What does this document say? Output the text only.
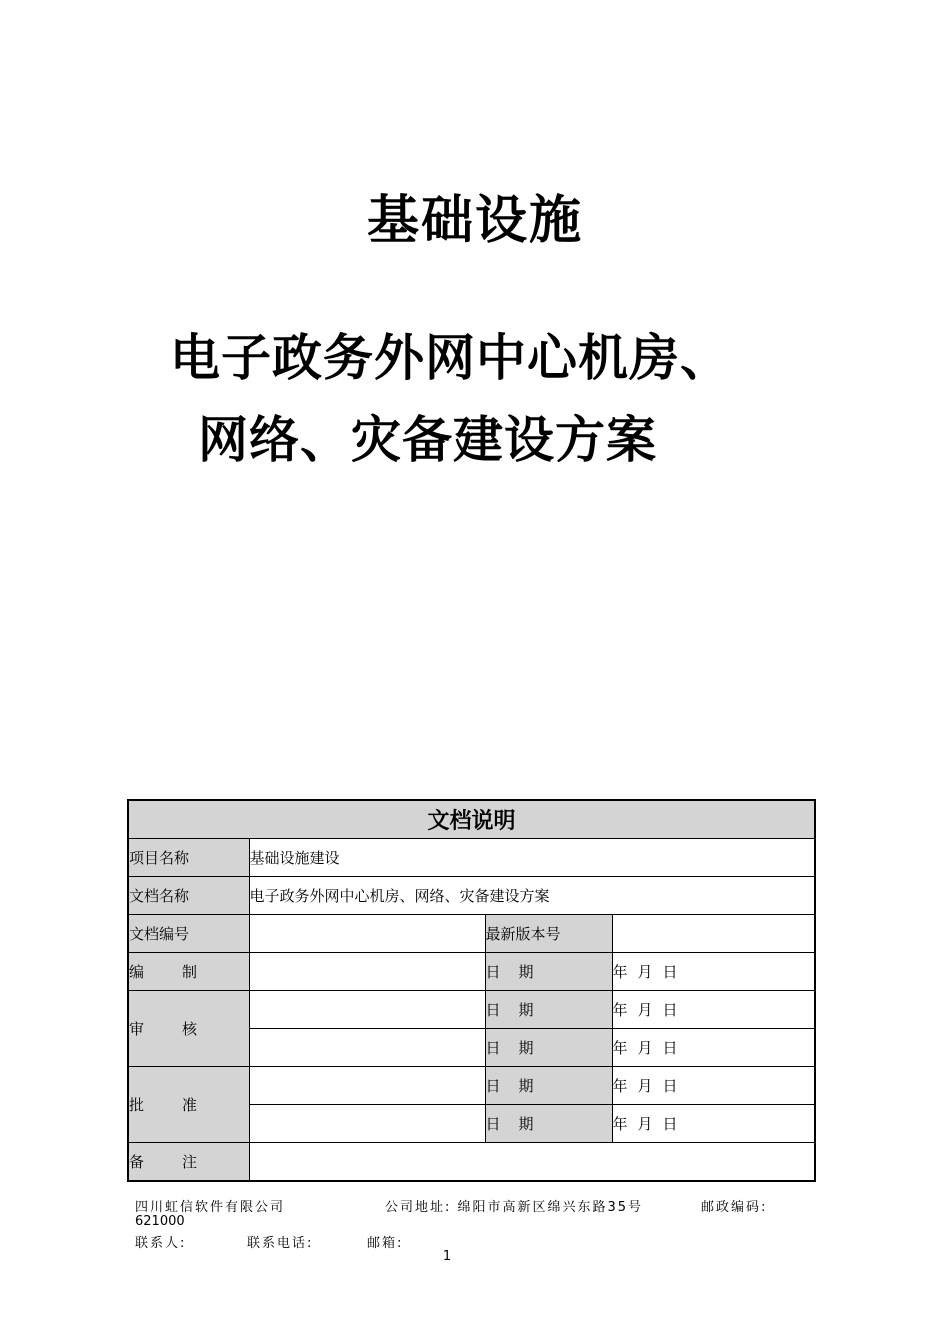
基础设施
电子政务外网中心机房、
网络、灾备建设方案
文档说明			
项目名称	基础设施建设		
文档名称	电子政务外网中心机房、网络、灾备建设方案		
文档编号		最新版本号	
编制		日期	年 月 日
审核		日期	年 月 日
		日期	年 月 日
批准		日期	年 月 日
		日期	年 月 日
备注			
四川虹信软件有限公司	公司地址: 绵阳市高新区绵兴东路35号	邮政编码:
621000
联系人:	联系电话:	邮箱:
1
